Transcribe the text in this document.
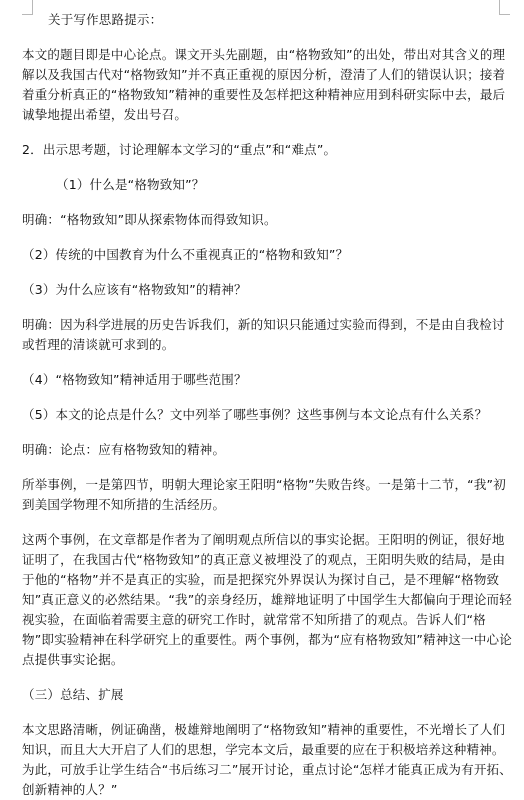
关于写作思路提示：

本文的题目即是中心论点。课文开头先副题，由“格物致知”的出处，带出对其含义的理解以及我国古代对“格物致知”并不真正重视的原因分析，澄清了人们的错误认识；接着着重分析真正的“格物致知”精神的重要性及怎样把这种精神应用到科研实际中去，最后诚挚地提出希望，发出号召。

2．出示思考题，讨论理解本文学习的“重点”和“难点”。

（1）什么是“格物致知”？

明确：“格物致知”即从探索物体而得致知识。

（2）传统的中国教育为什么不重视真正的“格物和致知”？

（3）为什么应该有“格物致知”的精神？

明确：因为科学进展的历史告诉我们，新的知识只能通过实验而得到，不是由自我检讨或哲理的清谈就可求到的。

（4）“格物致知”精神适用于哪些范围？

（5）本文的论点是什么？文中列举了哪些事例？这些事例与本文论点有什么关系？

明确：论点：应有格物致知的精神。

所举事例，一是第四节，明朝大理论家王阳明“格物”失败告终。一是第十二节，“我”初到美国学物理不知所措的生活经历。

这两个事例，在文章都是作者为了阐明观点所信以的事实论据。王阳明的例证，很好地证明了，在我国古代“格物致知”的真正意义被埋没了的观点，王阳明失败的结局，是由于他的“格物”并不是真正的实验，而是把探究外界误认为探讨自己，是不理解“格物致知”真正意义的必然结果。“我”的亲身经历，雄辩地证明了中国学生大都偏向于理论而轻视实验，在面临着需要主意的研究工作时，就常常不知所措了的观点。告诉人们“格物”即实验精神在科学研究上的重要性。两个事例，都为“应有格物致知”精神这一中心论点提供事实论据。

（三）总结、扩展

本文思路清晰，例证确凿，极雄辩地阐明了“格物致知”精神的重要性，不光增长了人们知识，而且大大开启了人们的思想，学完本文后，最重要的应在于积极培养这种精神。为此，可放手让学生结合“书后练习二”展开讨论，重点讨论“怎样才能真正成为有开拓、创新精神的人？”
